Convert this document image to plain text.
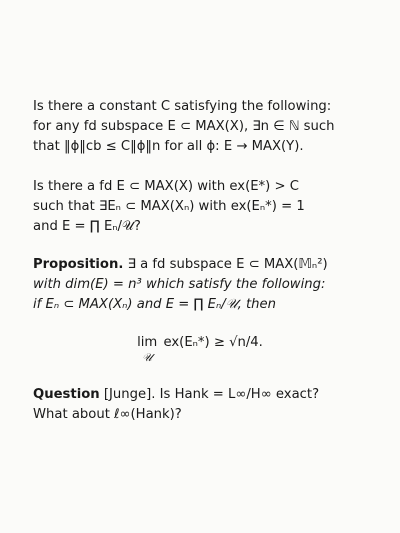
Is there a constant C satisfying the following:
for any fd subspace E ⊂ MAX(X), ∃n ∈ ℕ such
that ‖ϕ‖cb ≤ C‖ϕ‖n for all ϕ: E → MAX(Y).
Is there a fd E ⊂ MAX(X) with ex(E*) > C
such that ∃Eₙ ⊂ MAX(Xₙ) with ex(Eₙ*) = 1
and E = ∏ Eₙ/𝒰?
Proposition. ∃ a fd subspace E ⊂ MAX(𝕄ₙ²)
with dim(E) = n³ which satisfy the following:
if Eₙ ⊂ MAX(Xₙ) and E = ∏ Eₙ/𝒰, then
lim
𝒰
ex(Eₙ*) ≥ √n/4.
Question [Junge]. Is Hank = L∞/H∞ exact?
What about ℓ∞(Hank)?
